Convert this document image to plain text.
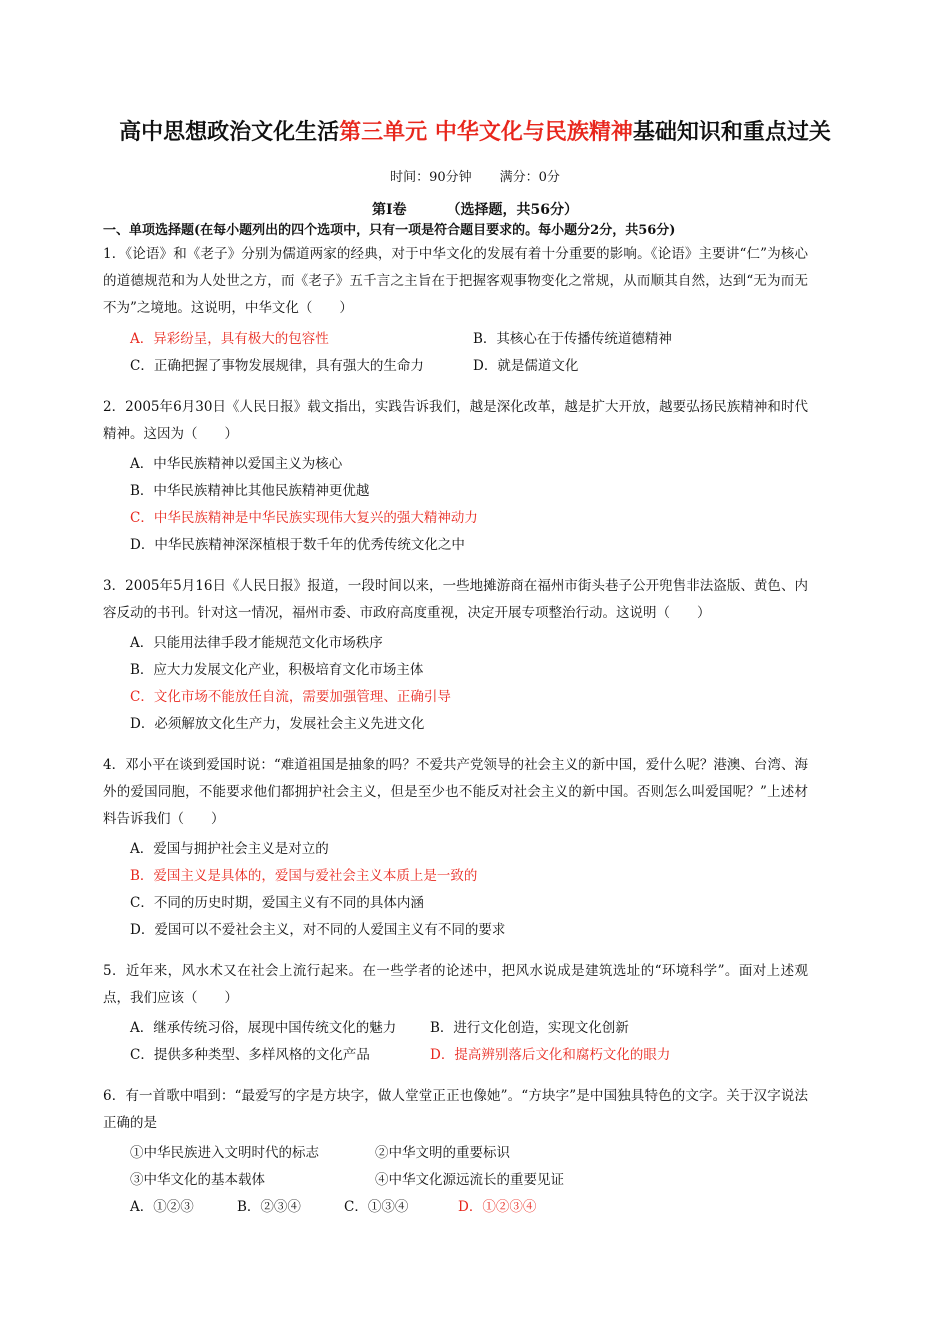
高中思想政治文化生活第三单元 中华文化与民族精神基础知识和重点过关
时间：90分钟 满分：0分
第Ⅰ卷	（选择题，共56分）
一、单项选择题(在每小题列出的四个选项中，只有一项是符合题目要求的。每小题分2分，共56分)
1．《论语》和《老子》分别为儒道两家的经典，对于中华文化的发展有着十分重要的影响。《论语》主要讲“仁”为核心的道德规范和为人处世之方，而《老子》五千言之主旨在于把握客观事物变化之常规，从而顺其自然，达到“无为而无不为”之境地。这说明，中华文化（　　）
A．异彩纷呈，具有极大的包容性	B．其核心在于传播传统道德精神
C．正确把握了事物发展规律，具有强大的生命力	D．就是儒道文化
2．2005年6月30日《人民日报》载文指出，实践告诉我们，越是深化改革，越是扩大开放，越要弘扬民族精神和时代精神。这因为（　　）
A．中华民族精神以爱国主义为核心
B．中华民族精神比其他民族精神更优越
C．中华民族精神是中华民族实现伟大复兴的强大精神动力
D．中华民族精神深深植根于数千年的优秀传统文化之中
3．2005年5月16日《人民日报》报道，一段时间以来，一些地摊游商在福州市街头巷子公开兜售非法盗版、黄色、内容反动的书刊。针对这一情况，福州市委、市政府高度重视，决定开展专项整治行动。这说明（　　）
A．只能用法律手段才能规范文化市场秩序
B．应大力发展文化产业，积极培育文化市场主体
C．文化市场不能放任自流，需要加强管理、正确引导
D．必须解放文化生产力，发展社会主义先进文化
4．邓小平在谈到爱国时说：“难道祖国是抽象的吗？不爱共产党领导的社会主义的新中国，爱什么呢？港澳、台湾、海外的爱国同胞，不能要求他们都拥护社会主义，但是至少也不能反对社会主义的新中国。否则怎么叫爱国呢？”上述材料告诉我们（　　）
A．爱国与拥护社会主义是对立的
B．爱国主义是具体的，爱国与爱社会主义本质上是一致的
C．不同的历史时期，爱国主义有不同的具体内涵
D．爱国可以不爱社会主义，对不同的人爱国主义有不同的要求
5．近年来，风水术又在社会上流行起来。在一些学者的论述中，把风水说成是建筑选址的“环境科学”。面对上述观点，我们应该（　　）
A．继承传统习俗，展现中国传统文化的魅力	B．进行文化创造，实现文化创新
C．提供多种类型、多样风格的文化产品	D．提高辨别落后文化和腐朽文化的眼力
6．有一首歌中唱到：“最爱写的字是方块字，做人堂堂正正也像她”。“方块字”是中国独具特色的文字。关于汉字说法正确的是
①中华民族进入文明时代的标志	②中华文明的重要标识
③中华文化的基本载体	④中华文化源远流长的重要见证
A．①②③	B．②③④	C．①③④	D．①②③④
